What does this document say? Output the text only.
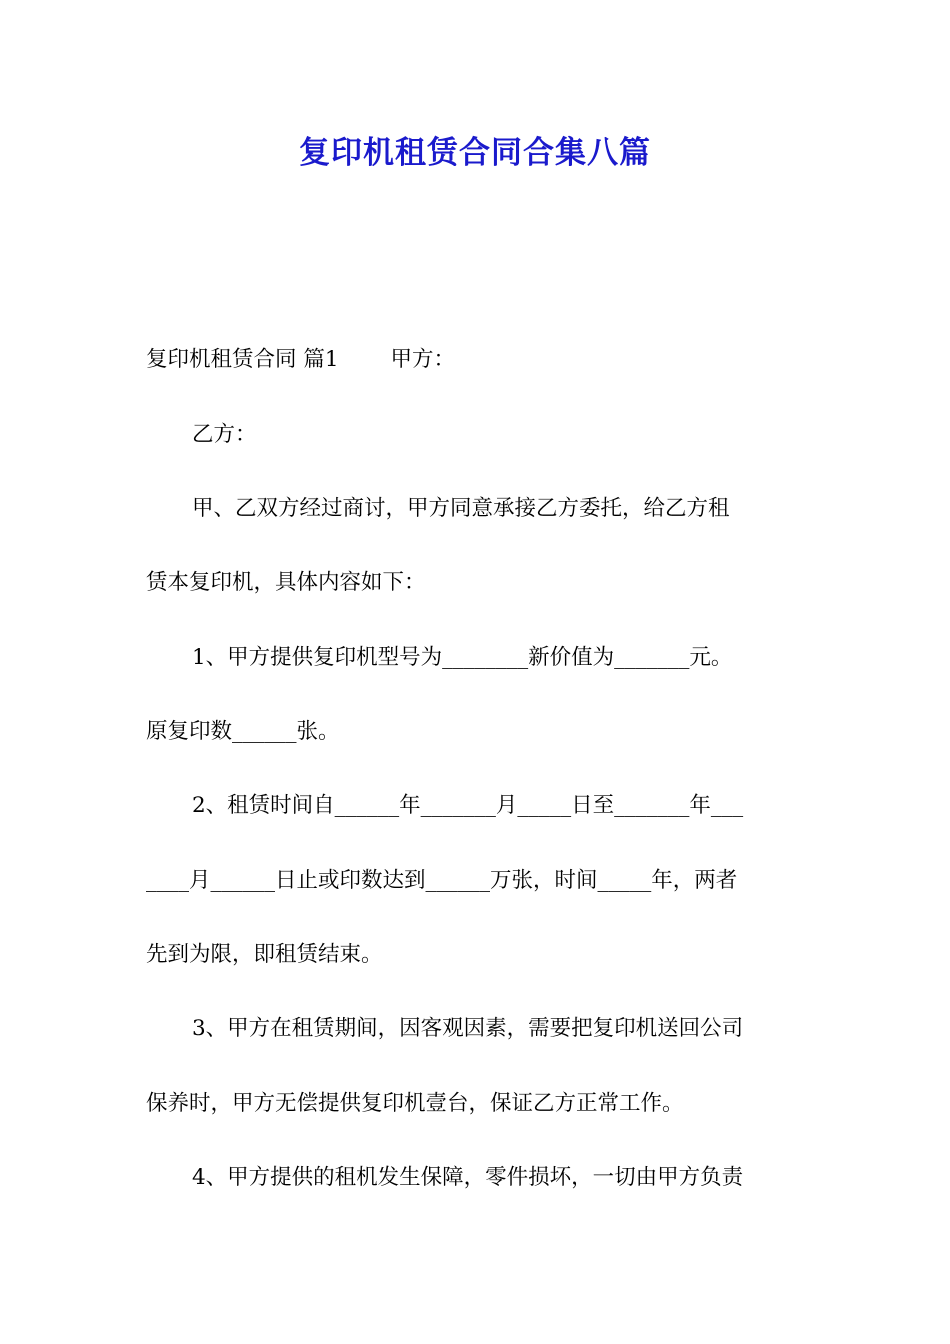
复印机租赁合同合集八篇

复印机租赁合同 篇1 甲方：

乙方：

甲、乙双方经过商讨，甲方同意承接乙方委托，给乙方租

赁本复印机，具体内容如下：

1、甲方提供复印机型号为________新价值为_______元。

原复印数______张。

2、租赁时间自______年_______月_____日至_______年___

____月______日止或印数达到______万张，时间_____年，两者

先到为限，即租赁结束。

3、甲方在租赁期间，因客观因素，需要把复印机送回公司

保养时，甲方无偿提供复印机壹台，保证乙方正常工作。

4、甲方提供的租机发生保障，零件损坏，一切由甲方负责
